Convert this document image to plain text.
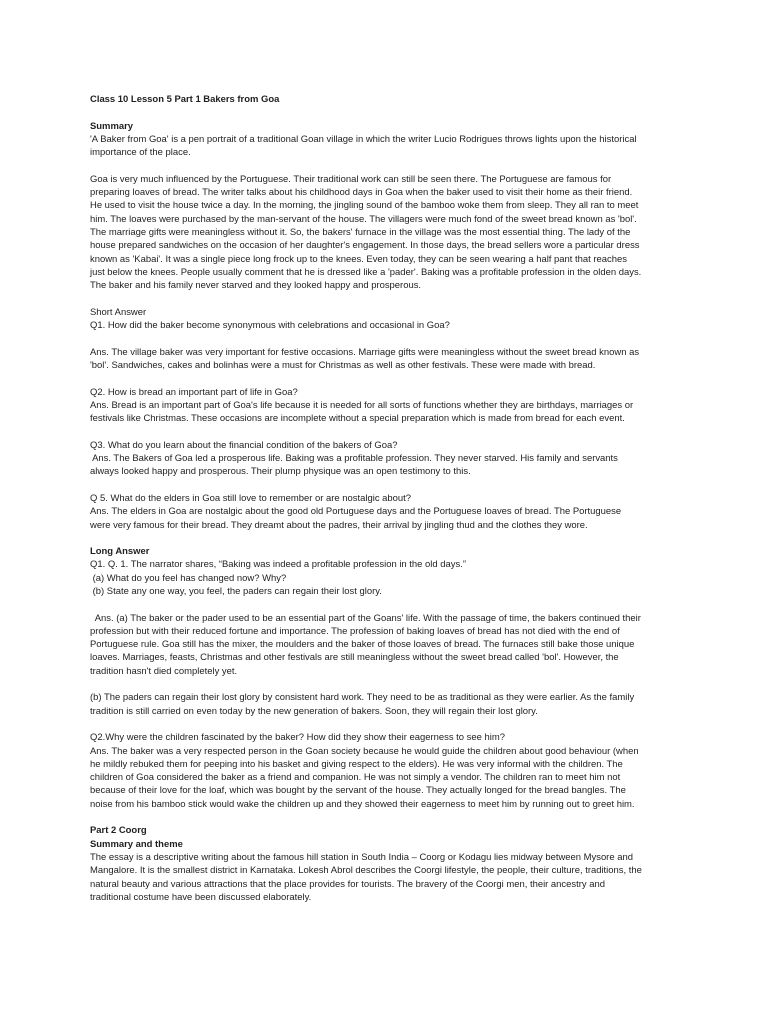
Class 10 Lesson 5 Part 1 Bakers from Goa
Summary
'A Baker from Goa' is a pen portrait of a traditional Goan village in which the writer Lucio Rodrigues throws lights upon the historical
importance of the place.
Goa is very much influenced by the Portuguese. Their traditional work can still be seen there. The Portuguese are famous for
preparing loaves of bread. The writer talks about his childhood days in Goa when the baker used to visit their home as their friend.
He used to visit the house twice a day. In the morning, the jingling sound of the bamboo woke them from sleep. They all ran to meet
him. The loaves were purchased by the man-servant of the house. The villagers were much fond of the sweet bread known as 'bol'.
The marriage gifts were meaningless without it. So, the bakers' furnace in the village was the most essential thing. The lady of the
house prepared sandwiches on the occasion of her daughter's engagement. In those days, the bread sellers wore a particular dress
known as 'Kabai'. It was a single piece long frock up to the knees. Even today, they can be seen wearing a half pant that reaches
just below the knees. People usually comment that he is dressed like a 'pader'. Baking was a profitable profession in the olden days.
The baker and his family never starved and they looked happy and prosperous.
Short Answer
Q1. How did the baker become synonymous with celebrations and occasional in Goa?
Ans. The village baker was very important for festive occasions. Marriage gifts were meaningless without the sweet bread known as
'bol'. Sandwiches, cakes and bolinhas were a must for Christmas as well as other festivals. These were made with bread.
Q2. How is bread an important part of life in Goa?
Ans. Bread is an important part of Goa's life because it is needed for all sorts of functions whether they are birthdays, marriages or
festivals like Christmas. These occasions are incomplete without a special preparation which is made from bread for each event.
Q3. What do you learn about the financial condition of the bakers of Goa?
Ans. The Bakers of Goa led a prosperous life. Baking was a profitable profession. They never starved. His family and servants
always looked happy and prosperous. Their plump physique was an open testimony to this.
Q 5. What do the elders in Goa still love to remember or are nostalgic about?
Ans. The elders in Goa are nostalgic about the good old Portuguese days and the Portuguese loaves of bread. The Portuguese
were very famous for their bread. They dreamt about the padres, their arrival by jingling thud and the clothes they wore.
Long Answer
Q1. Q. 1. The narrator shares, “Baking was indeed a profitable profession in the old days.”
(a) What do you feel has changed now? Why?
(b) State any one way, you feel, the paders can regain their lost glory.
Ans. (a) The baker or the pader used to be an essential part of the Goans' life. With the passage of time, the bakers continued their
profession but with their reduced fortune and importance. The profession of baking loaves of bread has not died with the end of
Portuguese rule. Goa still has the mixer, the moulders and the baker of those loaves of bread. The furnaces still bake those unique
loaves. Marriages, feasts, Christmas and other festivals are still meaningless without the sweet bread called 'bol'. However, the
tradition hasn't died completely yet.
(b) The paders can regain their lost glory by consistent hard work. They need to be as traditional as they were earlier. As the family
tradition is still carried on even today by the new generation of bakers. Soon, they will regain their lost glory.
Q2.Why were the children fascinated by the baker? How did they show their eagerness to see him?
Ans. The baker was a very respected person in the Goan society because he would guide the children about good behaviour (when
he mildly rebuked them for peeping into his basket and giving respect to the elders). He was very informal with the children. The
children of Goa considered the baker as a friend and companion. He was not simply a vendor. The children ran to meet him not
because of their love for the loaf, which was bought by the servant of the house. They actually longed for the bread bangles. The
noise from his bamboo stick would wake the children up and they showed their eagerness to meet him by running out to greet him.
Part 2 Coorg
Summary and theme
The essay is a descriptive writing about the famous hill station in South India – Coorg or Kodagu lies midway between Mysore and
Mangalore. It is the smallest district in Karnataka. Lokesh Abrol describes the Coorgi lifestyle, the people, their culture, traditions, the
natural beauty and various attractions that the place provides for tourists. The bravery of the Coorgi men, their ancestry and
traditional costume have been discussed elaborately.
